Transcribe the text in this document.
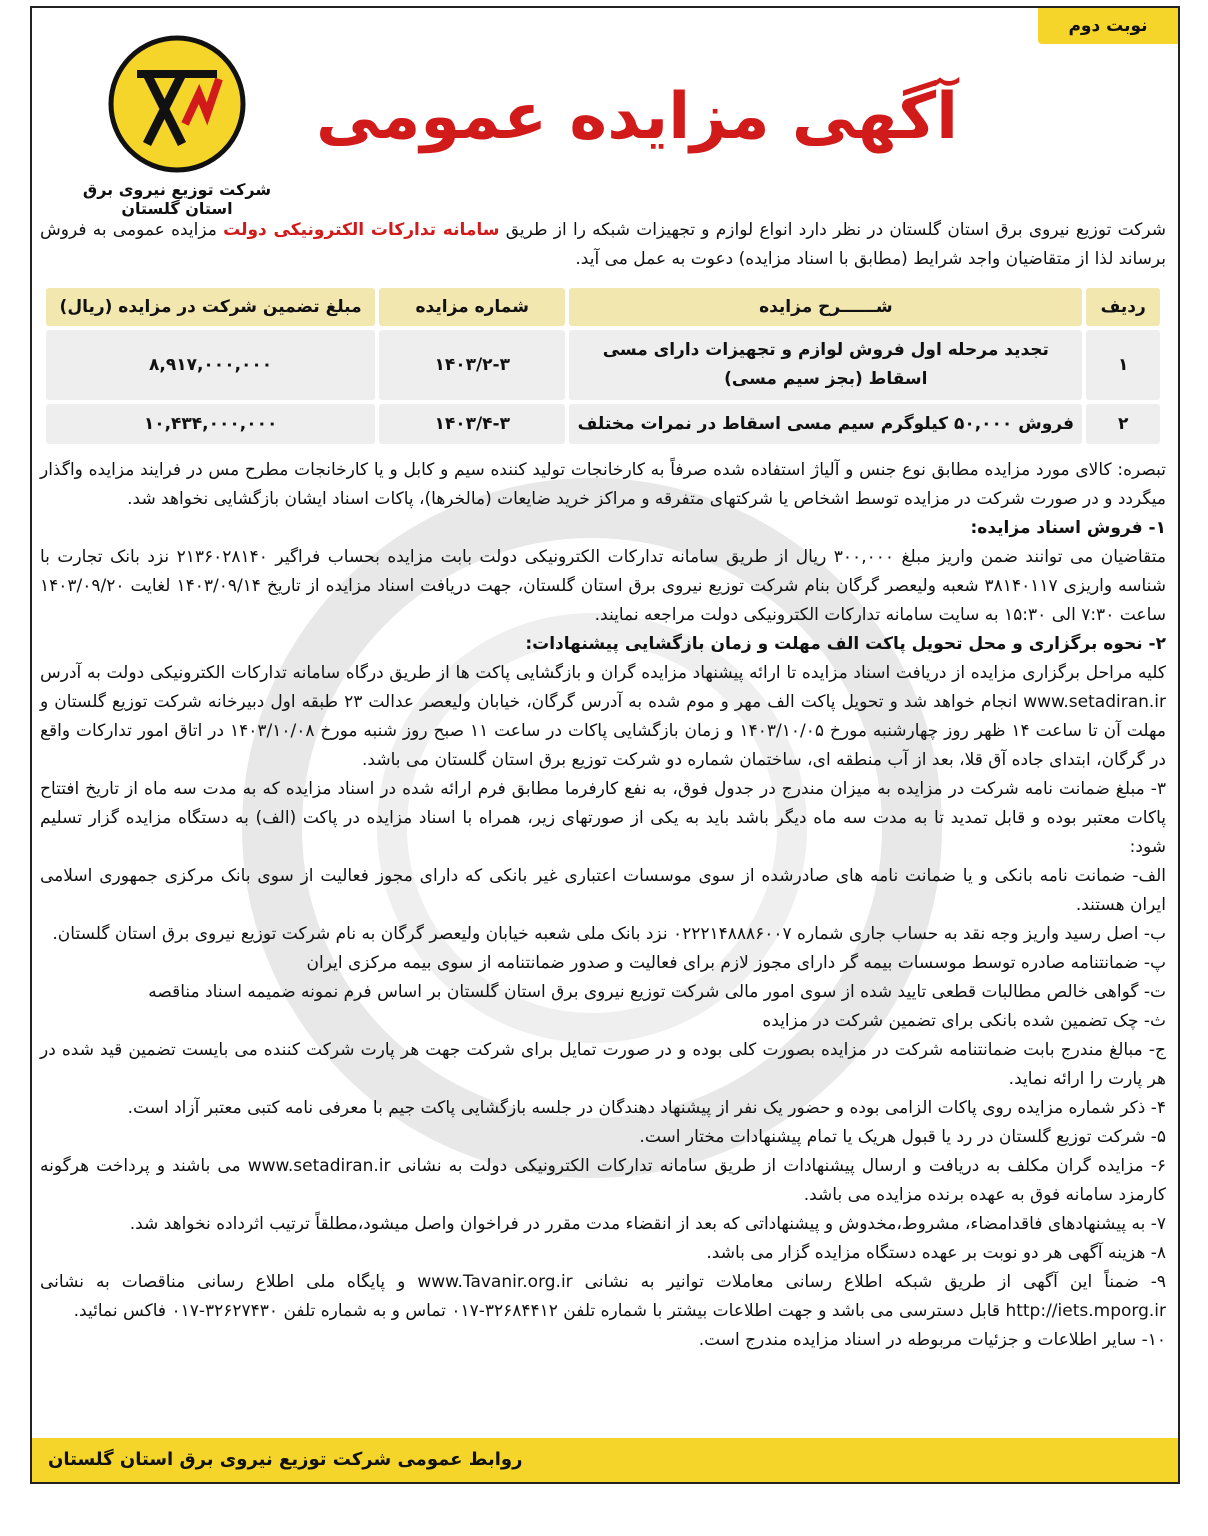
نوبت دوم
آگهی مزایده عمومی
شرکت توزیع نیروی برق استان گلستان

شرکت توزیع نیروی برق استان گلستان در نظر دارد انواع لوازم و تجهیزات شبکه را از طریق سامانه تدارکات الکترونیکی دولت مزایده عمومی به فروش برساند لذا از متقاضیان واجد شرایط (مطابق با اسناد مزایده) دعوت به عمل می آید.

ردیف	شــــــرح مزایده	شماره مزایده	مبلغ تضمین شرکت در مزایده (ریال)
۱	تجدید مرحله اول فروش لوازم و تجهیزات دارای مسی اسقاط (بجز سیم مسی)	۱۴۰۳/۲-۳	۸,۹۱۷,۰۰۰,۰۰۰
۲	فروش ۵۰,۰۰۰ کیلوگرم سیم مسی اسقاط در نمرات مختلف	۱۴۰۳/۴-۳	۱۰,۴۳۴,۰۰۰,۰۰۰

تبصره: کالای مورد مزایده مطابق نوع جنس و آلیاژ استفاده شده صرفاً به کارخانجات تولید کننده سیم و کابل و یا کارخانجات مطرح مس در فرایند مزایده واگذار میگردد و در صورت شرکت در مزایده توسط اشخاص یا شرکتهای متفرقه و مراکز خرید ضایعات (مالخرها)، پاکات اسناد ایشان بازگشایی نخواهد شد.

۱- فروش اسناد مزایده:

متقاضیان می توانند ضمن واریز مبلغ ۳۰۰,۰۰۰ ریال از طریق سامانه تدارکات الکترونیکی دولت بابت مزایده بحساب فراگیر ۲۱۳۶۰۲۸۱۴۰ نزد بانک تجارت با شناسه واریزی ۳۸۱۴۰۱۱۷ شعبه ولیعصر گرگان بنام شرکت توزیع نیروی برق استان گلستان، جهت دریافت اسناد مزایده از تاریخ ۱۴۰۳/۰۹/۱۴ لغایت ۱۴۰۳/۰۹/۲۰ ساعت ۷:۳۰ الی ۱۵:۳۰ به سایت سامانه تدارکات الکترونیکی دولت مراجعه نمایند.

۲- نحوه برگزاری و محل تحویل پاکت الف مهلت و زمان بازگشایی پیشنهادات:

کلیه مراحل برگزاری مزایده از دریافت اسناد مزایده تا ارائه پیشنهاد مزایده گران و بازگشایی پاکت ها از طریق درگاه سامانه تدارکات الکترونیکی دولت به آدرس www.setadiran.ir انجام خواهد شد و تحویل پاکت الف مهر و موم شده به آدرس گرگان، خیابان ولیعصر عدالت ۲۳ طبقه اول دبیرخانه شرکت توزیع گلستان و مهلت آن تا ساعت ۱۴ ظهر روز چهارشنبه مورخ ۱۴۰۳/۱۰/۰۵ و زمان بازگشایی پاکات در ساعت ۱۱ صبح روز شنبه مورخ ۱۴۰۳/۱۰/۰۸ در اتاق امور تدارکات واقع در گرگان، ابتدای جاده آق قلا، بعد از آب منطقه ای، ساختمان شماره دو شرکت توزیع برق استان گلستان می باشد.

۳- مبلغ ضمانت نامه شرکت در مزایده به میزان مندرج در جدول فوق، به نفع کارفرما مطابق فرم ارائه شده در اسناد مزایده که به مدت سه ماه از تاریخ افتتاح پاکات معتبر بوده و قابل تمدید تا به مدت سه ماه دیگر باشد باید به یکی از صورتهای زیر، همراه با اسناد مزایده در پاکت (الف) به دستگاه مزایده گزار تسلیم شود:

الف- ضمانت نامه بانکی و یا ضمانت نامه های صادرشده از سوی موسسات اعتباری غیر بانکی که دارای مجوز فعالیت از سوی بانک مرکزی جمهوری اسلامی ایران هستند.

ب- اصل رسید واریز وجه نقد به حساب جاری شماره ۰۲۲۲۱۴۸۸۸۶۰۰۷ نزد بانک ملی شعبه خیابان ولیعصر گرگان به نام شرکت توزیع نیروی برق استان گلستان.

پ- ضمانتنامه صادره توسط موسسات بیمه گر دارای مجوز لازم برای فعالیت و صدور ضمانتنامه از سوی بیمه مرکزی ایران

ت- گواهی خالص مطالبات قطعی تایید شده از سوی امور مالی شرکت توزیع نیروی برق استان گلستان بر اساس فرم نمونه ضمیمه اسناد مناقصه

ث- چک تضمین شده بانکی برای تضمین شرکت در مزایده

ج- مبالغ مندرج بابت ضمانتنامه شرکت در مزایده بصورت کلی بوده و در صورت تمایل برای شرکت جهت هر پارت شرکت کننده می بایست تضمین قید شده در هر پارت را ارائه نماید.

۴- ذکر شماره مزایده روی پاکات الزامی بوده و حضور یک نفر از پیشنهاد دهندگان در جلسه بازگشایی پاکت جیم با معرفی نامه کتبی معتبر آزاد است.

۵- شرکت توزیع گلستان در رد یا قبول هریک یا تمام پیشنهادات مختار است.

۶- مزایده گران مکلف به دریافت و ارسال پیشنهادات از طریق سامانه تدارکات الکترونیکی دولت به نشانی www.setadiran.ir می باشند و پرداخت هرگونه کارمزد سامانه فوق به عهده برنده مزایده می باشد.

۷- به پیشنهادهای فاقدامضاء، مشروط،مخدوش و پیشنهاداتی که بعد از انقضاء مدت مقرر در فراخوان واصل میشود،مطلقاً ترتیب اثرداده نخواهد شد.

۸- هزینه آگهی هر دو نوبت بر عهده دستگاه مزایده گزار می باشد.

۹- ضمناً این آگهی از طریق شبکه اطلاع رسانی معاملات توانیر به نشانی www.Tavanir.org.ir و پایگاه ملی اطلاع رسانی مناقصات به نشانی http://iets.mporg.ir قابل دسترسی می باشد و جهت اطلاعات بیشتر با شماره تلفن ۳۲۶۸۴۴۱۲-۰۱۷ تماس و به شماره تلفن ۳۲۶۲۷۴۳۰-۰۱۷ فاکس نمائید.

۱۰- سایر اطلاعات و جزئیات مربوطه در اسناد مزایده مندرج است.

روابط عمومی شرکت توزیع نیروی برق استان گلستان
